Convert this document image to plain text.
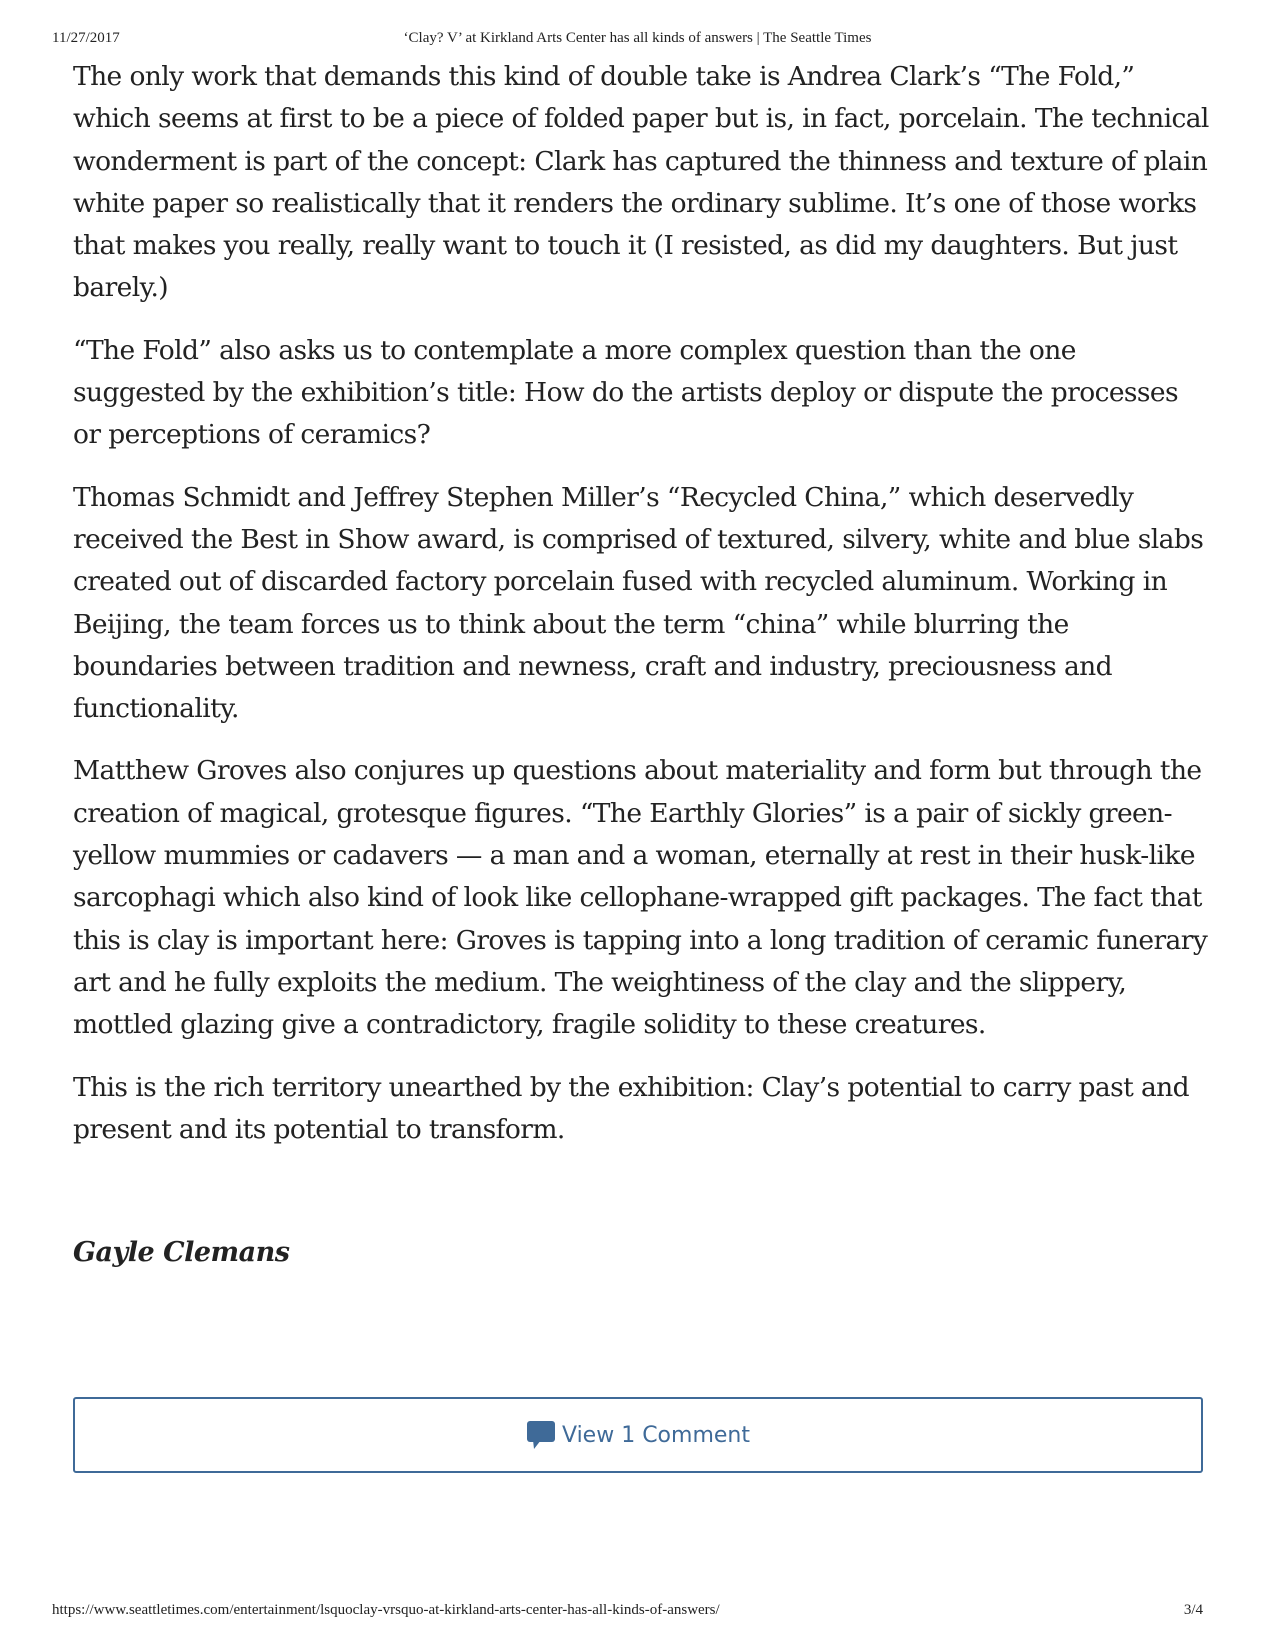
11/27/2017	‘Clay? V’ at Kirkland Arts Center has all kinds of answers | The Seattle Times

The only work that demands this kind of double take is Andrea Clark’s “The Fold,” which seems at first to be a piece of folded paper but is, in fact, porcelain. The technical wonderment is part of the concept: Clark has captured the thinness and texture of plain white paper so realistically that it renders the ordinary sublime. It’s one of those works that makes you really, really want to touch it (I resisted, as did my daughters. But just barely.)

“The Fold” also asks us to contemplate a more complex question than the one suggested by the exhibition’s title: How do the artists deploy or dispute the processes or perceptions of ceramics?

Thomas Schmidt and Jeffrey Stephen Miller’s “Recycled China,” which deservedly received the Best in Show award, is comprised of textured, silvery, white and blue slabs created out of discarded factory porcelain fused with recycled aluminum. Working in Beijing, the team forces us to think about the term “china” while blurring the boundaries between tradition and newness, craft and industry, preciousness and functionality.

Matthew Groves also conjures up questions about materiality and form but through the creation of magical, grotesque figures. “The Earthly Glories” is a pair of sickly green-yellow mummies or cadavers — a man and a woman, eternally at rest in their husk-like sarcophagi which also kind of look like cellophane-wrapped gift packages. The fact that this is clay is important here: Groves is tapping into a long tradition of ceramic funerary art and he fully exploits the medium. The weightiness of the clay and the slippery, mottled glazing give a contradictory, fragile solidity to these creatures.

This is the rich territory unearthed by the exhibition: Clay’s potential to carry past and present and its potential to transform.

Gayle Clemans
View 1 Comment
https://www.seattletimes.com/entertainment/lsquoclay-vrsquo-at-kirkland-arts-center-has-all-kinds-of-answers/	3/4
